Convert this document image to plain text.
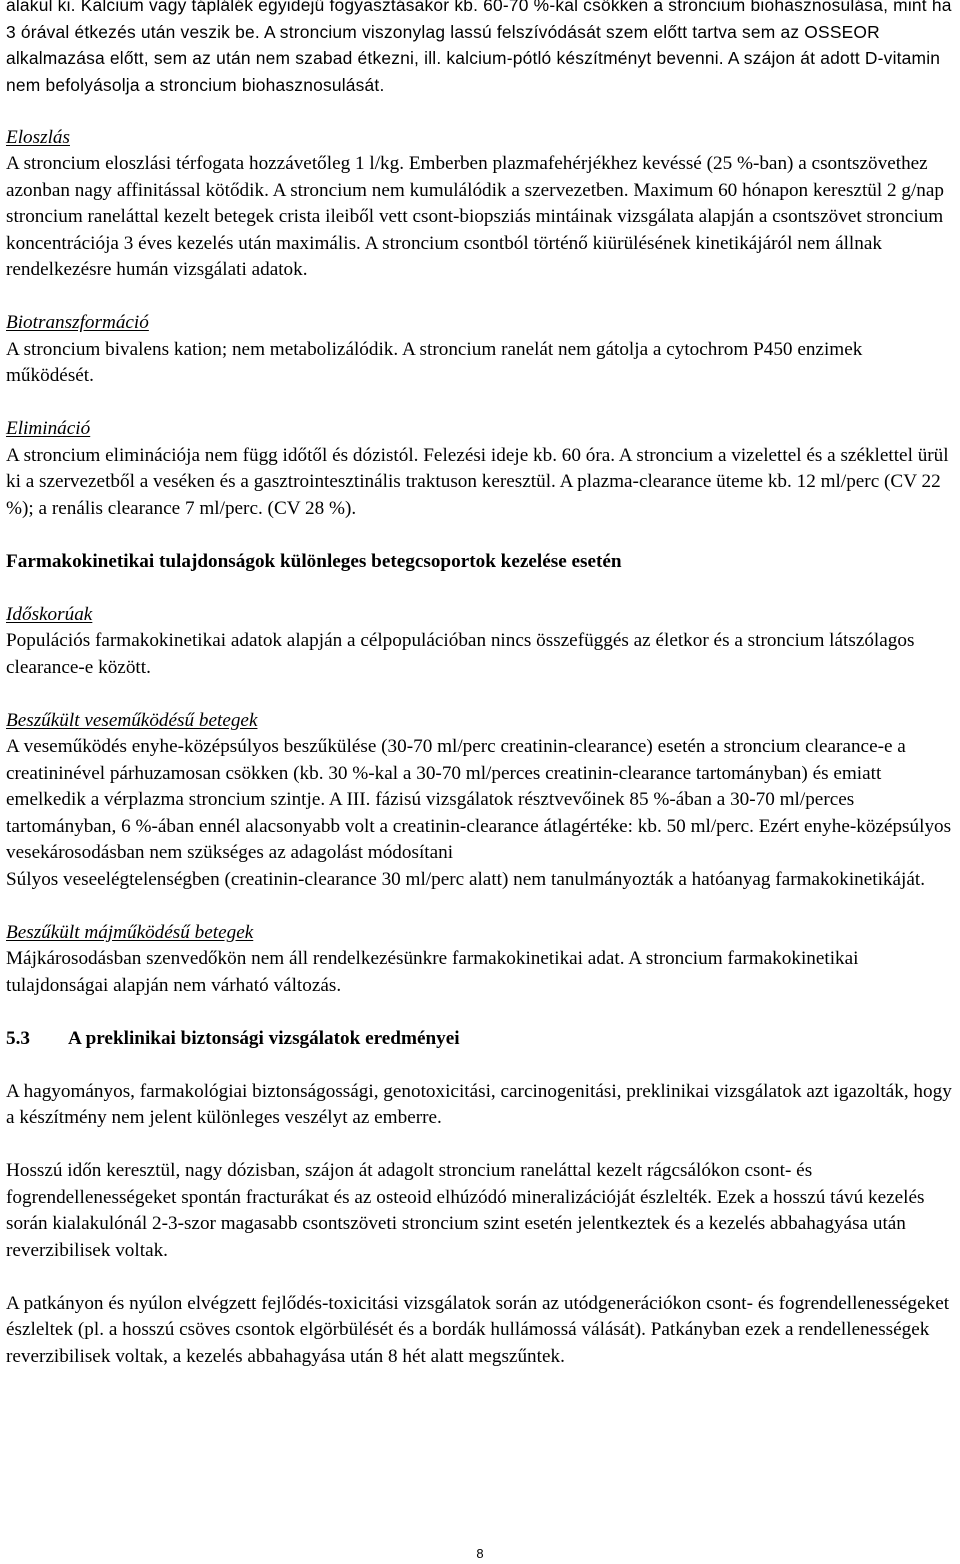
alakul ki. Kalcium vagy táplálék egyidejű fogyasztásakor kb. 60-70 %-kal csökken a stroncium biohasznosulása, mint ha 3 órával étkezés után veszik be. A stroncium viszonylag lassú felszívódását szem előtt tartva sem az OSSEOR alkalmazása előtt, sem az után nem szabad étkezni, ill. kalcium-pótló készítményt bevenni. A szájon át adott D-vitamin nem befolyásolja a stroncium biohasznosulását.

Eloszlás

A stroncium eloszlási térfogata hozzávetőleg 1 l/kg. Emberben plazmafehérjékhez kevéssé (25 %-ban) a csontszövethez azonban nagy affinitással kötődik. A stroncium nem kumulálódik a szervezetben. Maximum 60 hónapon keresztül 2 g/nap stroncium raneláttal kezelt betegek crista ileiből vett csont-biopsziás mintáinak vizsgálata alapján a csontszövet stroncium koncentrációja 3 éves kezelés után maximális. A stroncium csontból történő kiürülésének kinetikájáról nem állnak rendelkezésre humán vizsgálati adatok.

Biotranszformáció

A stroncium bivalens kation; nem metabolizálódik. A stroncium ranelát nem gátolja a cytochrom P450 enzimek működését.

Elimináció

A stroncium eliminációja nem függ időtől és dózistól. Felezési ideje kb. 60 óra. A stroncium a vizelettel és a széklettel ürül ki a szervezetből a veséken és a gasztrointesztinális traktuson keresztül. A plazma-clearance üteme kb. 12 ml/perc (CV 22 %); a renális clearance 7 ml/perc. (CV 28 %).

Farmakokinetikai tulajdonságok különleges betegcsoportok kezelése esetén

Időskorúak

Populációs farmakokinetikai adatok alapján a célpopulációban nincs összefüggés az életkor és a stroncium látszólagos clearance-e között.

Beszűkült veseműködésű betegek

A veseműködés enyhe-középsúlyos beszűkülése (30-70 ml/perc creatinin-clearance) esetén a stroncium clearance-e a creatininével párhuzamosan csökken (kb. 30 %-kal a 30-70 ml/perces creatinin-clearance tartományban) és emiatt emelkedik a vérplazma stroncium szintje. A III. fázisú vizsgálatok résztvevőinek 85 %-ában a 30-70 ml/perces tartományban, 6 %-ában ennél alacsonyabb volt a creatinin-clearance átlagértéke: kb. 50 ml/perc. Ezért enyhe-középsúlyos vesekárosodásban nem szükséges az adagolást módosítani

Súlyos veseelégtelenségben (creatinin-clearance 30 ml/perc alatt) nem tanulmányozták a hatóanyag farmakokinetikáját.

Beszűkült májműködésű betegek

Májkárosodásban szenvedőkön nem áll rendelkezésünkre farmakokinetikai adat. A stroncium farmakokinetikai tulajdonságai alapján nem várható változás.

5.3	A preklinikai biztonsági vizsgálatok eredményei

A hagyományos, farmakológiai biztonságossági, genotoxicitási, carcinogenitási, preklinikai vizsgálatok azt igazolták, hogy a készítmény nem jelent különleges veszélyt az emberre.

Hosszú időn keresztül, nagy dózisban, szájon át adagolt stroncium raneláttal kezelt rágcsálókon csont- és fogrendellenességeket spontán fracturákat és az osteoid elhúzódó mineralizációját észlelték. Ezek a hosszú távú kezelés során kialakulónál 2-3-szor magasabb csontszöveti stroncium szint esetén jelentkeztek és a kezelés abbahagyása után reverzibilisek voltak.

A patkányon és nyúlon elvégzett fejlődés-toxicitási vizsgálatok során az utódgenerációkon csont- és fogrendellenességeket észleltek (pl. a hosszú csöves csontok elgörbülését és a bordák hullámossá válását). Patkányban ezek a rendellenességek reverzibilisek voltak, a kezelés abbahagyása után 8 hét alatt megszűntek.

8
